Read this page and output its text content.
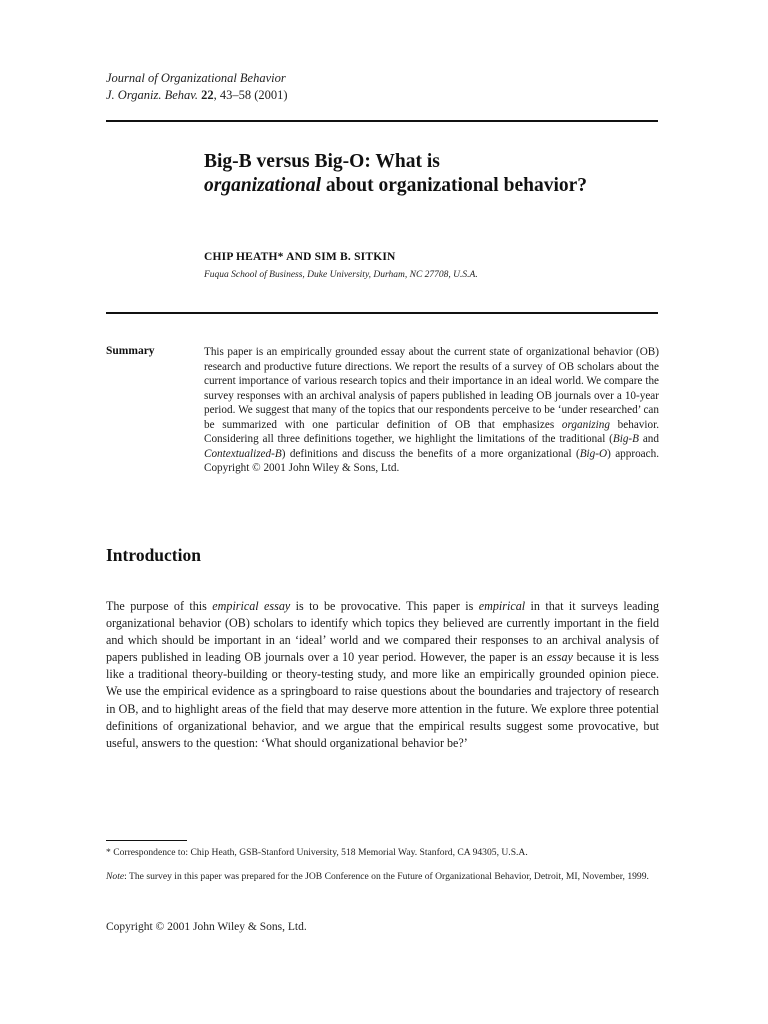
Journal of Organizational Behavior
J. Organiz. Behav. 22, 43–58 (2001)
Big-B versus Big-O: What is
organizational about organizational behavior?
CHIP HEATH* AND SIM B. SITKIN
Fuqua School of Business, Duke University, Durham, NC 27708, U.S.A.
Summary	This paper is an empirically grounded essay about the current state of organizational behavior (OB) research and productive future directions. We report the results of a survey of OB scholars about the current importance of various research topics and their importance in an ideal world. We compare the survey responses with an archival analysis of papers published in leading OB journals over a 10-year period. We suggest that many of the topics that our respondents perceive to be ‘under researched’ can be summarized with one particular definition of OB that emphasizes organizing behavior. Considering all three definitions together, we highlight the limitations of the traditional (Big-B and Contextualized-B) definitions and discuss the benefits of a more organizational (Big-O) approach. Copyright © 2001 John Wiley & Sons, Ltd.
Introduction
The purpose of this empirical essay is to be provocative. This paper is empirical in that it surveys leading organizational behavior (OB) scholars to identify which topics they believed are currently important in the field and which should be important in an ‘ideal’ world and we compared their responses to an archival analysis of papers published in leading OB journals over a 10 year period. However, the paper is an essay because it is less like a traditional theory-building or theory-testing study, and more like an empirically grounded opinion piece. We use the empirical evidence as a springboard to raise questions about the boundaries and trajectory of research in OB, and to highlight areas of the field that may deserve more attention in the future. We explore three potential definitions of organizational behavior, and we argue that the empirical results suggest some provocative, but useful, answers to the question: ‘What should organizational behavior be?’
* Correspondence to: Chip Heath, GSB-Stanford University, 518 Memorial Way. Stanford, CA 94305, U.S.A.
Note: The survey in this paper was prepared for the JOB Conference on the Future of Organizational Behavior, Detroit, MI, November, 1999.
Copyright © 2001 John Wiley & Sons, Ltd.
